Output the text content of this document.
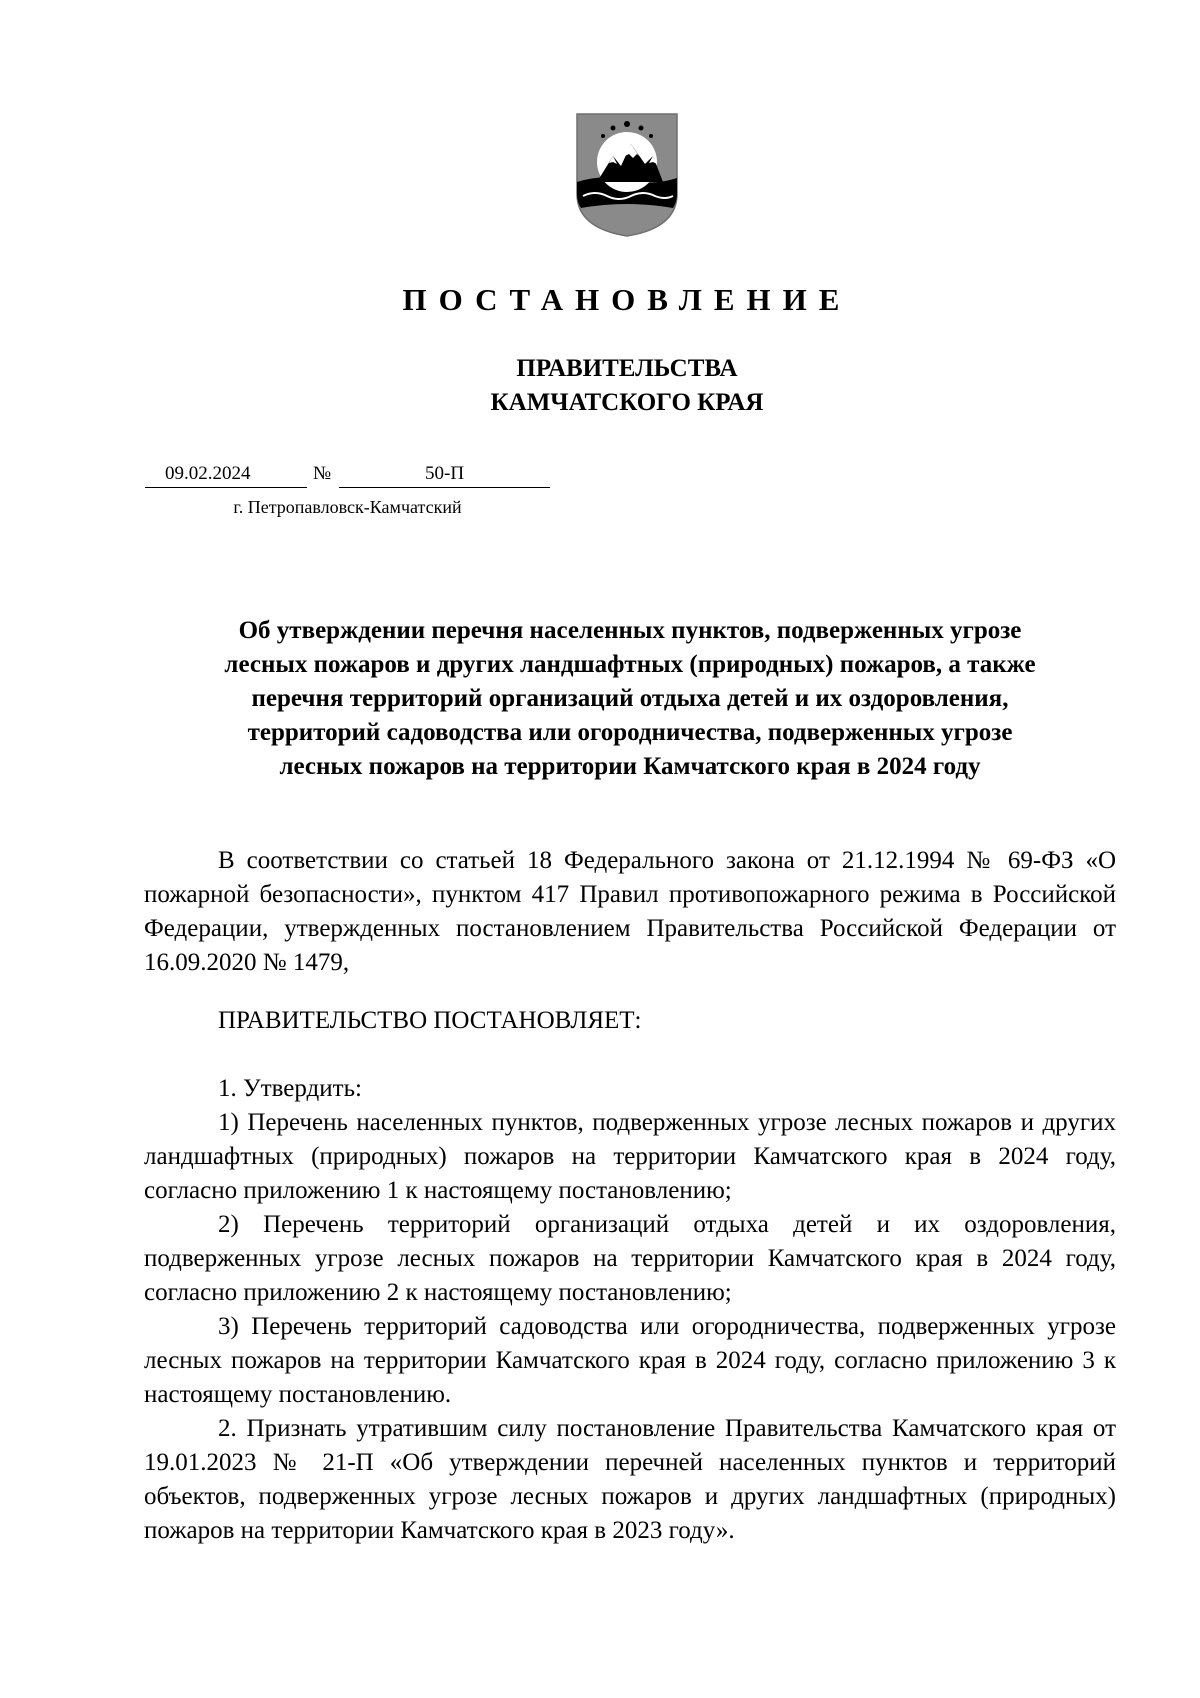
ПОСТАНОВЛЕНИЕ
ПРАВИТЕЛЬСТВА
КАМЧАТСКОГО КРАЯ
09.02.2024	№	50-П
г. Петропавловск-Камчатский
Об утверждении перечня населенных пунктов, подверженных угрозе
лесных пожаров и других ландшафтных (природных) пожаров, а также
перечня территорий организаций отдыха детей и их оздоровления,
территорий садоводства или огородничества, подверженных угрозе
лесных пожаров на территории Камчатского края в 2024 году

В соответствии со статьей 18 Федерального закона от 21.12.1994 № 69-ФЗ «О пожарной безопасности», пунктом 417 Правил противопожарного режима в Российской Федерации, утвержденных постановлением Правительства Российской Федерации от 16.09.2020 № 1479,

ПРАВИТЕЛЬСТВО ПОСТАНОВЛЯЕТ:

1. Утвердить:

1) Перечень населенных пунктов, подверженных угрозе лесных пожаров и других ландшафтных (природных) пожаров на территории Камчатского края в 2024 году, согласно приложению 1 к настоящему постановлению;

2) Перечень территорий организаций отдыха детей и их оздоровления, подверженных угрозе лесных пожаров на территории Камчатского края в 2024 году, согласно приложению 2 к настоящему постановлению;

3) Перечень территорий садоводства или огородничества, подверженных угрозе лесных пожаров на территории Камчатского края в 2024 году, согласно приложению 3 к настоящему постановлению.

2. Признать утратившим силу постановление Правительства Камчатского края от 19.01.2023 № 21-П «Об утверждении перечней населенных пунктов и территорий объектов, подверженных угрозе лесных пожаров и других ландшафтных (природных) пожаров на территории Камчатского края в 2023 году».
